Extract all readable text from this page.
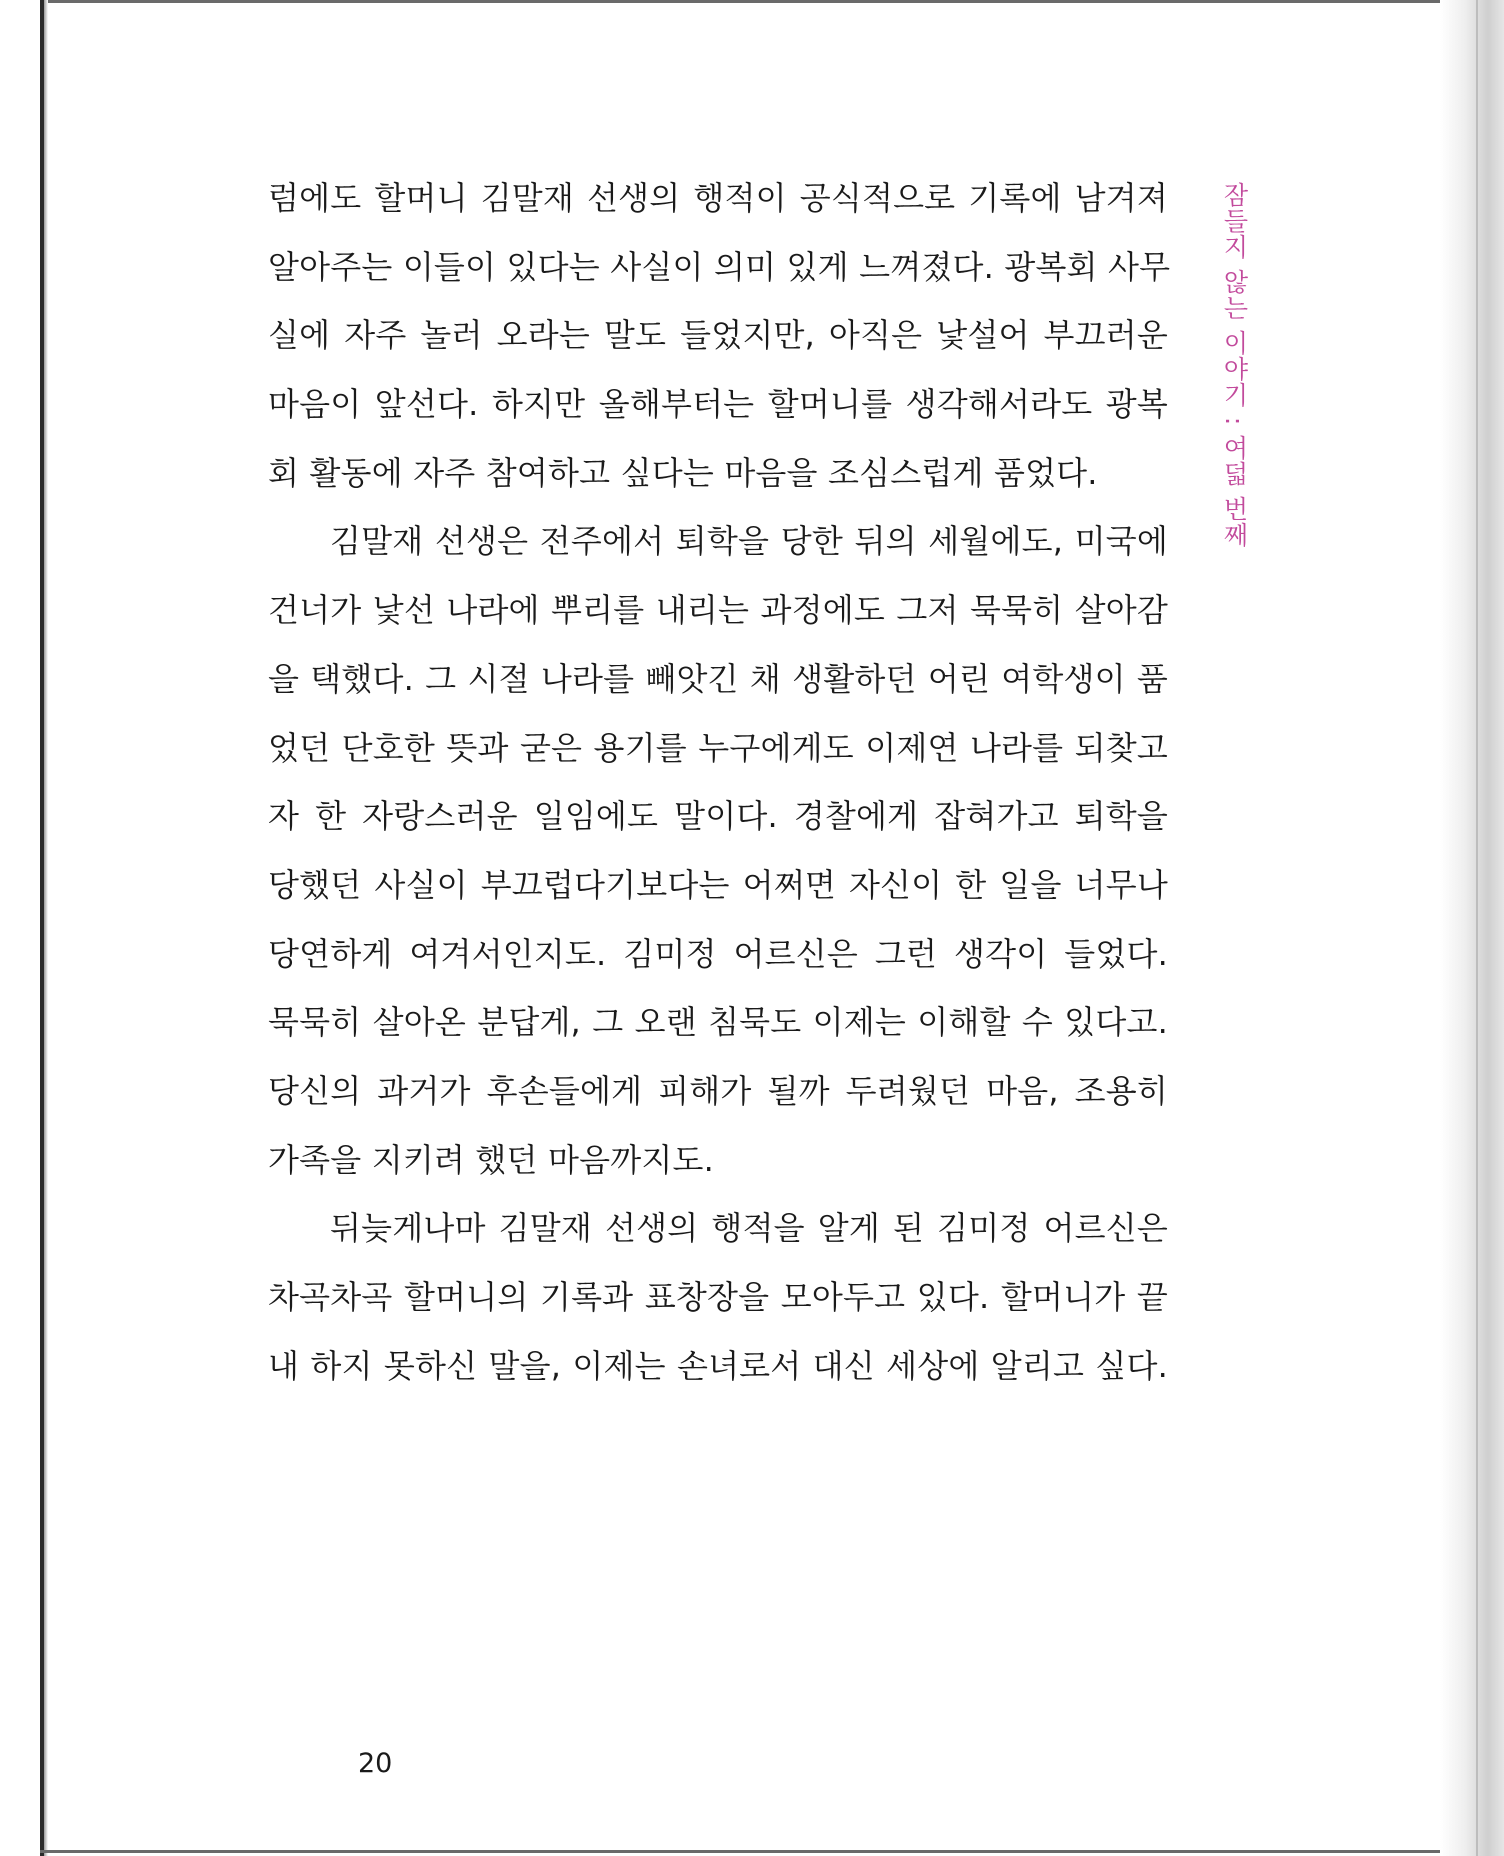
잠들지 않는 이야기 : 여덟 번째
럼에도 할머니 김말재 선생의 행적이 공식적으로 기록에 남겨져
알아주는 이들이 있다는 사실이 의미 있게 느껴졌다. 광복회 사무
실에 자주 놀러 오라는 말도 들었지만, 아직은 낯설어 부끄러운
마음이 앞선다. 하지만 올해부터는 할머니를 생각해서라도 광복
회 활동에 자주 참여하고 싶다는 마음을 조심스럽게 품었다.
김말재 선생은 전주에서 퇴학을 당한 뒤의 세월에도, 미국에
건너가 낯선 나라에 뿌리를 내리는 과정에도 그저 묵묵히 살아감
을 택했다. 그 시절 나라를 빼앗긴 채 생활하던 어린 여학생이 품
었던 단호한 뜻과 굳은 용기를 누구에게도 이제연 나라를 되찾고
자 한 자랑스러운 일임에도 말이다. 경찰에게 잡혀가고 퇴학을
당했던 사실이 부끄럽다기보다는 어쩌면 자신이 한 일을 너무나
당연하게 여겨서인지도. 김미정 어르신은 그런 생각이 들었다.
묵묵히 살아온 분답게, 그 오랜 침묵도 이제는 이해할 수 있다고.
당신의 과거가 후손들에게 피해가 될까 두려웠던 마음, 조용히
가족을 지키려 했던 마음까지도.
뒤늦게나마 김말재 선생의 행적을 알게 된 김미정 어르신은
차곡차곡 할머니의 기록과 표창장을 모아두고 있다. 할머니가 끝
내 하지 못하신 말을, 이제는 손녀로서 대신 세상에 알리고 싶다.
20
